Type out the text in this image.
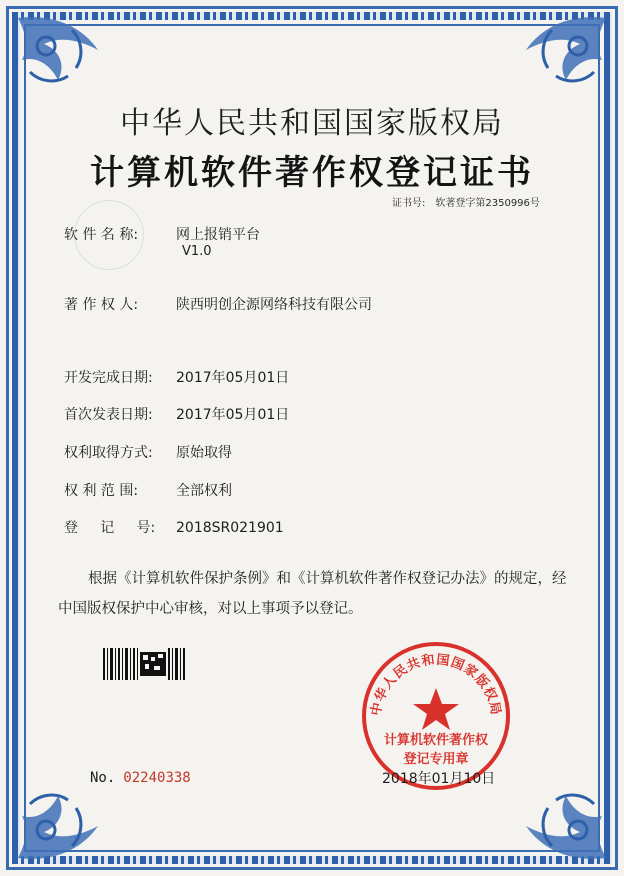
中华人民共和国国家版权局
计算机软件著作权登记证书
证书号: 软著登字第2350996号
软 件 名 称:	网上报销平台
V1.0
著 作 权 人:	陕西明创企源网络科技有限公司
开发完成日期: 2017年05月01日
首次发表日期: 2017年05月01日
权利取得方式: 原始取得
权 利 范 围:	全部权利
登     记     号: 2018SR021901
根据《计算机软件保护条例》和《计算机软件著作权登记办法》的规定，经中国版权保护中心审核，对以上事项予以登记。
No. 02240338
中华人民共和国国家版权局
计算机软件著作权
登记专用章
2018年01月10日
